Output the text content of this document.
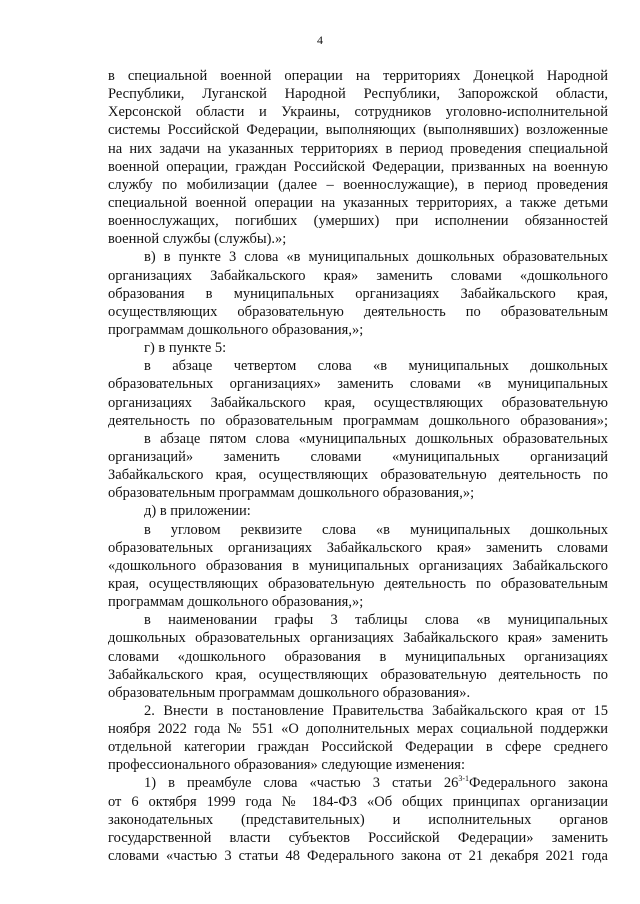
4
в специальной военной операции на территориях Донецкой Народной
Республики, Луганской Народной Республики, Запорожской области,
Херсонской области и Украины, сотрудников уголовно-исполнительной
системы Российской Федерации, выполняющих (выполнявших) возложенные
на них задачи на указанных территориях в период проведения специальной
военной операции, граждан Российской Федерации, призванных на военную
службу по мобилизации (далее – военнослужащие), в период проведения
специальной военной операции на указанных территориях, а также детьми
военнослужащих, погибших (умерших) при исполнении обязанностей
военной службы (службы).»;
в) в пункте 3 слова «в муниципальных дошкольных образовательных
организациях Забайкальского края» заменить словами «дошкольного
образования в муниципальных организациях Забайкальского края,
осуществляющих образовательную деятельность по образовательным
программам дошкольного образования,»;
г) в пункте 5:
в абзаце четвертом слова «в муниципальных дошкольных
образовательных организациях» заменить словами «в муниципальных
организациях Забайкальского края, осуществляющих образовательную
деятельность по образовательным программам дошкольного образования»;
в абзаце пятом слова «муниципальных дошкольных образовательных
организаций» заменить словами «муниципальных организаций
Забайкальского края, осуществляющих образовательную деятельность по
образовательным программам дошкольного образования,»;
д) в приложении:
в угловом реквизите слова «в муниципальных дошкольных
образовательных организациях Забайкальского края» заменить словами
«дошкольного образования в муниципальных организациях Забайкальского
края, осуществляющих образовательную деятельность по образовательным
программам дошкольного образования,»;
в наименовании графы 3 таблицы слова «в муниципальных
дошкольных образовательных организациях Забайкальского края» заменить
словами «дошкольного образования в муниципальных организациях
Забайкальского края, осуществляющих образовательную деятельность по
образовательным программам дошкольного образования».
2. Внести в постановление Правительства Забайкальского края от 15
ноября 2022 года № 551 «О дополнительных мерах социальной поддержки
отдельной категории граждан Российской Федерации в сфере среднего
профессионального образования» следующие изменения:
1) в преамбуле слова «частью 3 статьи 26$^{3-1}$Федерального закона
от 6 октября 1999 года № 184-ФЗ «Об общих принципах организации
законодательных (представительных) и исполнительных органов
государственной власти субъектов Российской Федерации» заменить
словами «частью 3 статьи 48 Федерального закона от 21 декабря 2021 года
